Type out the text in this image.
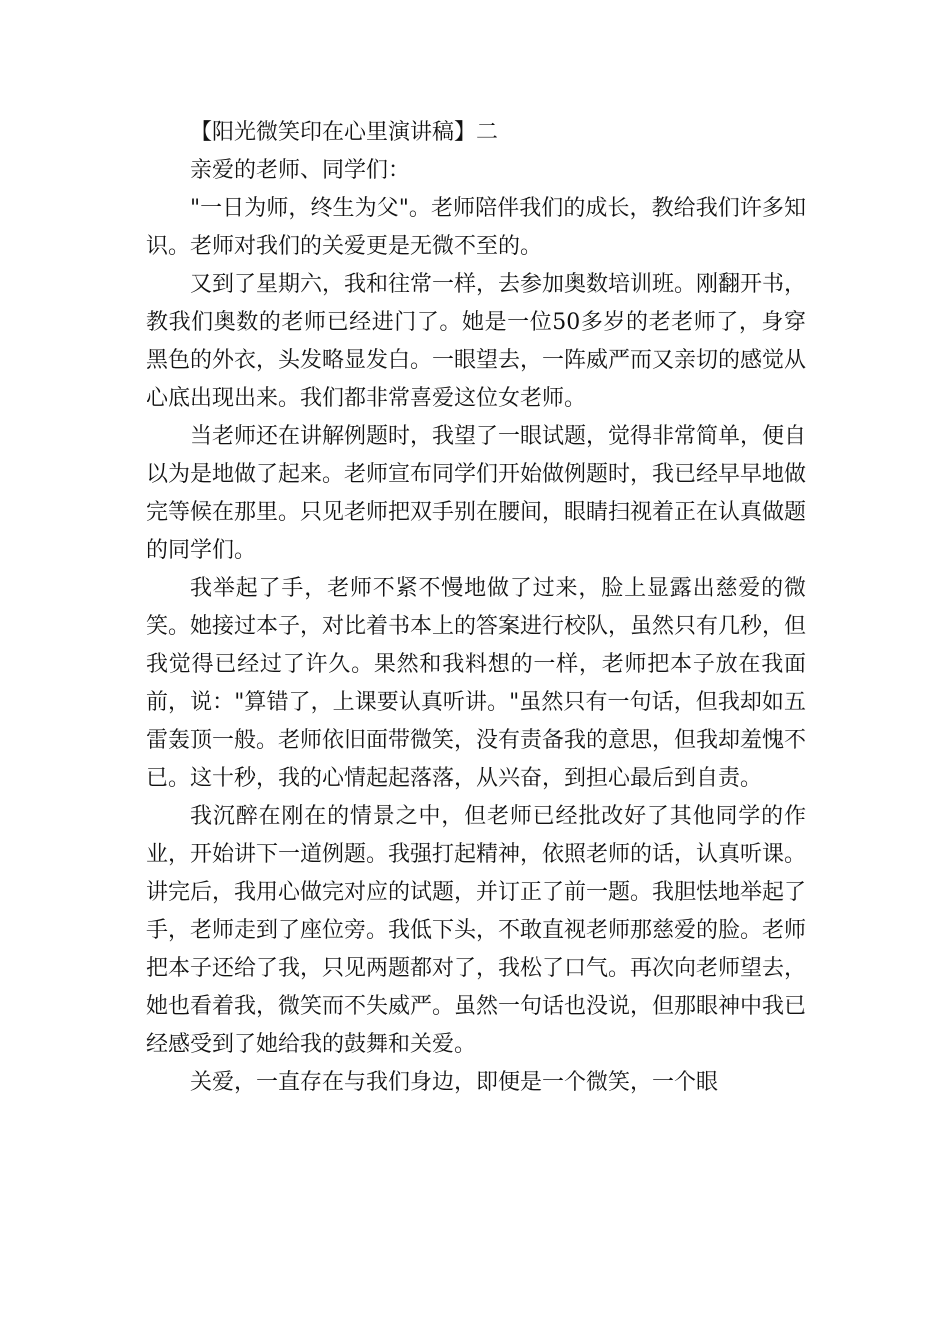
【阳光微笑印在心里演讲稿】二

亲爱的老师、同学们：

"一日为师，终生为父"。老师陪伴我们的成长，教给我们许多知识。老师对我们的关爱更是无微不至的。

又到了星期六，我和往常一样，去参加奥数培训班。刚翻开书，教我们奥数的老师已经进门了。她是一位50多岁的老老师了，身穿黑色的外衣，头发略显发白。一眼望去，一阵威严而又亲切的感觉从心底出现出来。我们都非常喜爱这位女老师。

当老师还在讲解例题时，我望了一眼试题，觉得非常简单，便自以为是地做了起来。老师宣布同学们开始做例题时，我已经早早地做完等候在那里。只见老师把双手别在腰间，眼睛扫视着正在认真做题的同学们。

我举起了手，老师不紧不慢地做了过来，脸上显露出慈爱的微笑。她接过本子，对比着书本上的答案进行校队，虽然只有几秒，但我觉得已经过了许久。果然和我料想的一样，老师把本子放在我面前，说："算错了，上课要认真听讲。"虽然只有一句话，但我却如五雷轰顶一般。老师依旧面带微笑，没有责备我的意思，但我却羞愧不已。这十秒，我的心情起起落落，从兴奋，到担心最后到自责。

我沉醉在刚在的情景之中，但老师已经批改好了其他同学的作业，开始讲下一道例题。我强打起精神，依照老师的话，认真听课。讲完后，我用心做完对应的试题，并订正了前一题。我胆怯地举起了手，老师走到了座位旁。我低下头，不敢直视老师那慈爱的脸。老师把本子还给了我，只见两题都对了，我松了口气。再次向老师望去，她也看着我，微笑而不失威严。虽然一句话也没说，但那眼神中我已经感受到了她给我的鼓舞和关爱。

关爱，一直存在与我们身边，即便是一个微笑，一个眼
